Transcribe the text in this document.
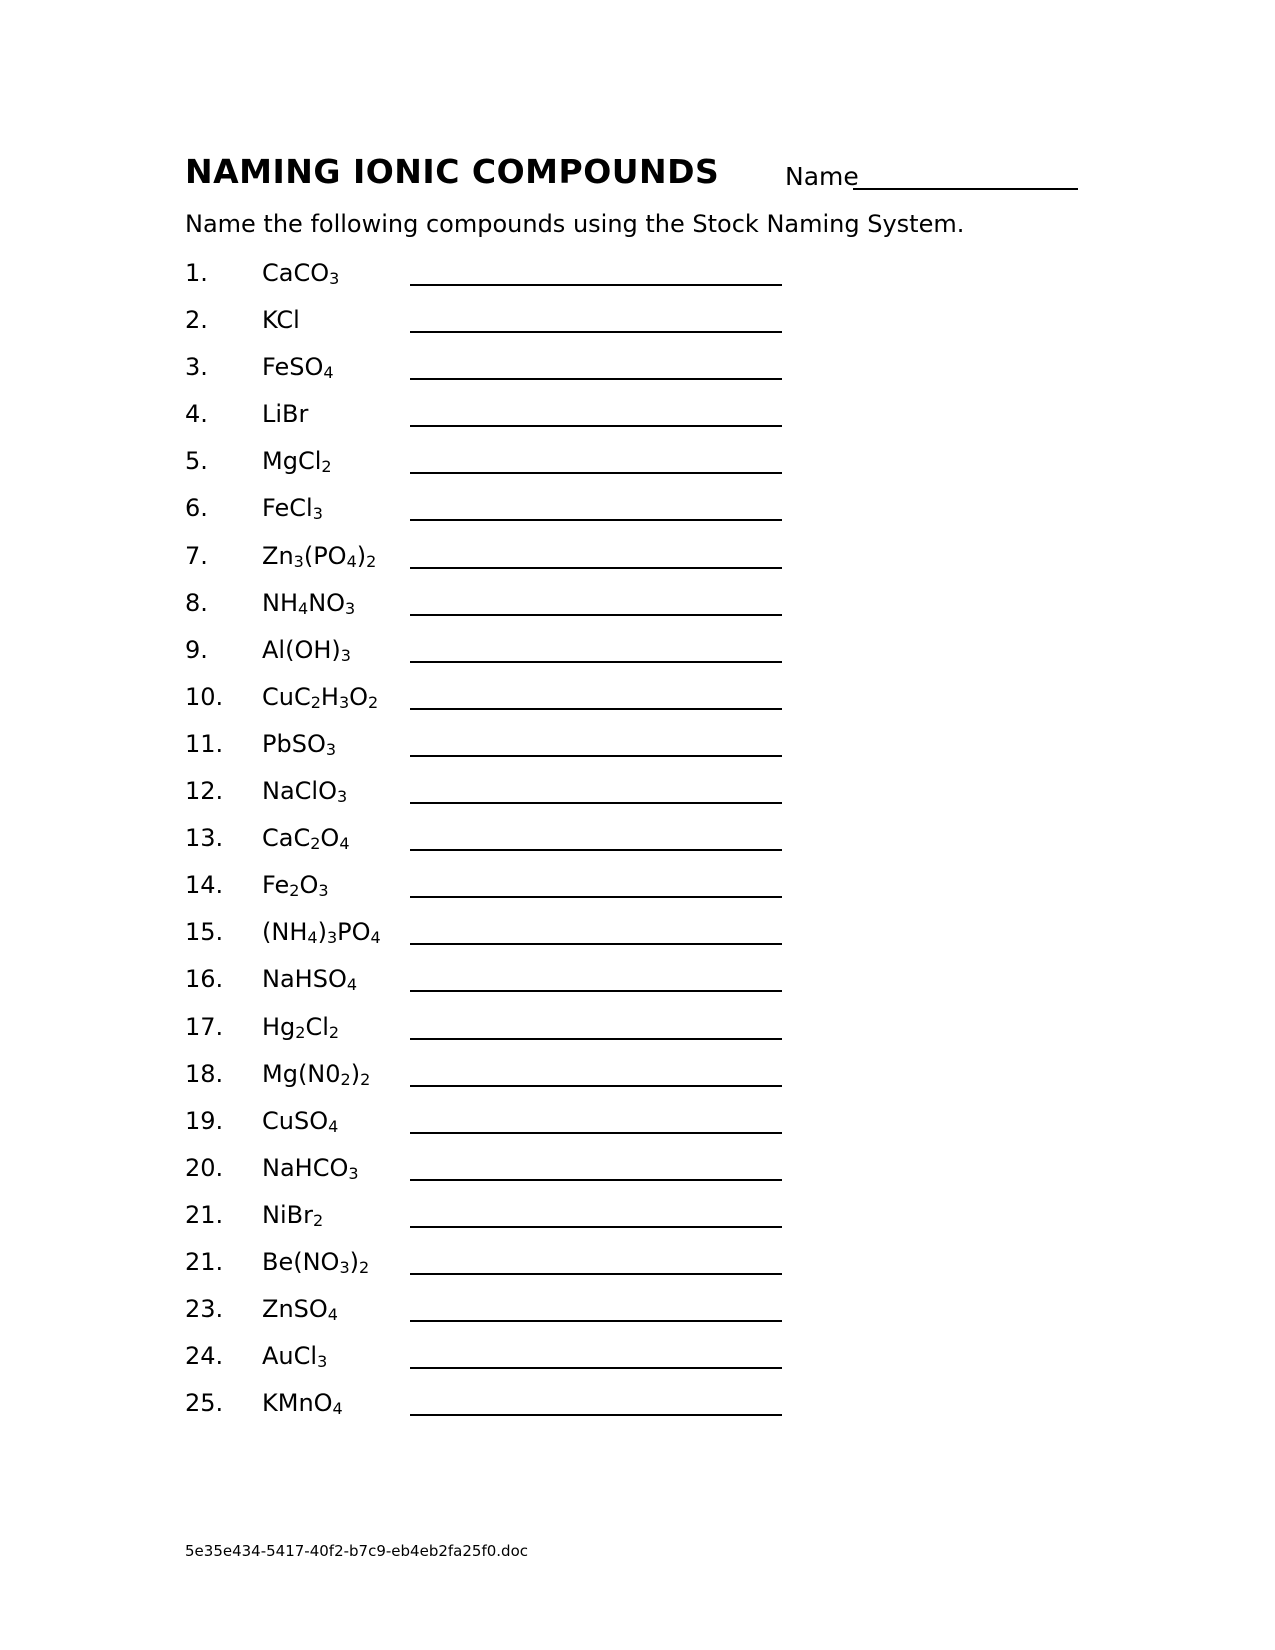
NAMING IONIC COMPOUNDS	Name
Name the following compounds using the Stock Naming System.
1. CaCO$_3$
2. KCl
3. FeSO$_4$
4. LiBr
5. MgCl$_2$
6. FeCl$_3$
7. $Zn_3(PO_4)_2$
8. $NH_4NO_3$
9. $Al(OH)_3$
10. $CuC_2H_3O_2$
11. PbSO$_3$
12. NaClO$_3$
13. $CaC_2O_4$
14. $Fe_2O_3$
15. $(NH_4)_3PO_4$
16. NaHSO$_4$
17. $Hg_2Cl_2$
18. $Mg(N0_2)_2$
19. CuSO$_4$
20. NaHCO$_3$
21. NiBr$_2$
21. $Be(NO_3)_2$
23. ZnSO$_4$
24. AuCl$_3$
25. KMnO$_4$
5e35e434-5417-40f2-b7c9-eb4eb2fa25f0.doc
